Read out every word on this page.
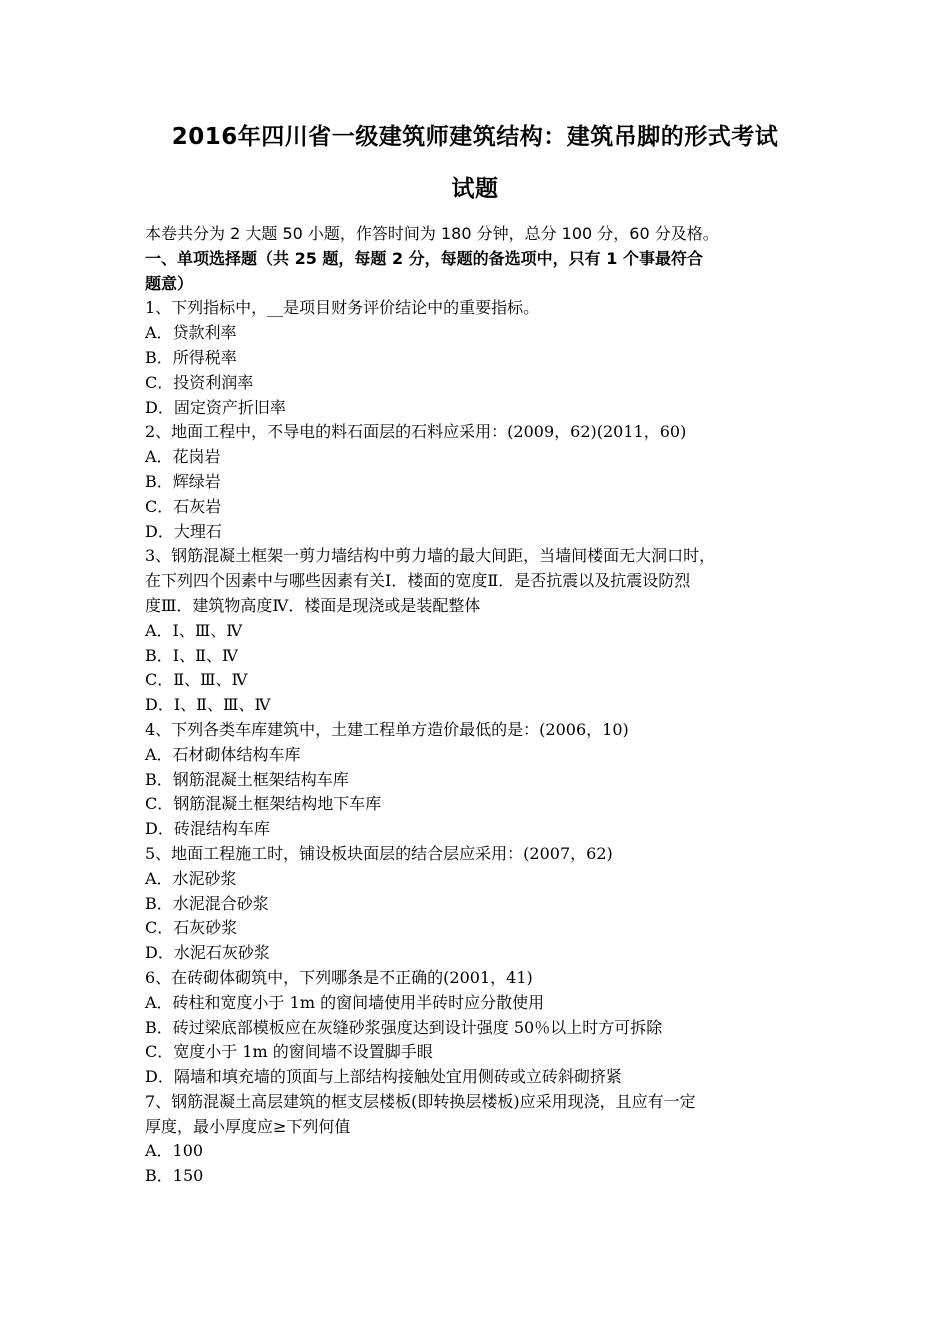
2016年四川省一级建筑师建筑结构：建筑吊脚的形式考试
试题
本卷共分为 2 大题 50 小题，作答时间为 180 分钟，总分 100 分，60 分及格。
一、单项选择题（共 25 题，每题 2 分，每题的备选项中，只有 1 个事最符合
题意）
1、下列指标中，__是项目财务评价结论中的重要指标。
A．贷款利率
B．所得税率
C．投资利润率
D．固定资产折旧率
2、地面工程中，不导电的料石面层的石料应采用：(2009，62)(2011，60)
A．花岗岩
B．辉绿岩
C．石灰岩
D．大理石
3、钢筋混凝土框架一剪力墙结构中剪力墙的最大间距，当墙间楼面无大洞口时，
在下列四个因素中与哪些因素有关Ⅰ．楼面的宽度Ⅱ．是否抗震以及抗震设防烈
度Ⅲ．建筑物高度Ⅳ．楼面是现浇或是装配整体
A．Ⅰ、Ⅲ、Ⅳ
B．Ⅰ、Ⅱ、Ⅳ
C．Ⅱ、Ⅲ、Ⅳ
D．Ⅰ、Ⅱ、Ⅲ、Ⅳ
4、下列各类车库建筑中，土建工程单方造价最低的是：(2006，10)
A．石材砌体结构车库
B．钢筋混凝土框架结构车库
C．钢筋混凝土框架结构地下车库
D．砖混结构车库
5、地面工程施工时，铺设板块面层的结合层应采用：(2007，62)
A．水泥砂浆
B．水泥混合砂浆
C．石灰砂浆
D．水泥石灰砂浆
6、在砖砌体砌筑中，下列哪条是不正确的(2001，41)
A．砖柱和宽度小于 1m 的窗间墙使用半砖时应分散使用
B．砖过梁底部模板应在灰缝砂浆强度达到设计强度 50％以上时方可拆除
C．宽度小于 1m 的窗间墙不设置脚手眼
D．隔墙和填充墙的顶面与上部结构接触处宜用侧砖或立砖斜砌挤紧
7、钢筋混凝土高层建筑的框支层楼板(即转换层楼板)应采用现浇，且应有一定
厚度，最小厚度应≥下列何值
A．100
B．150
